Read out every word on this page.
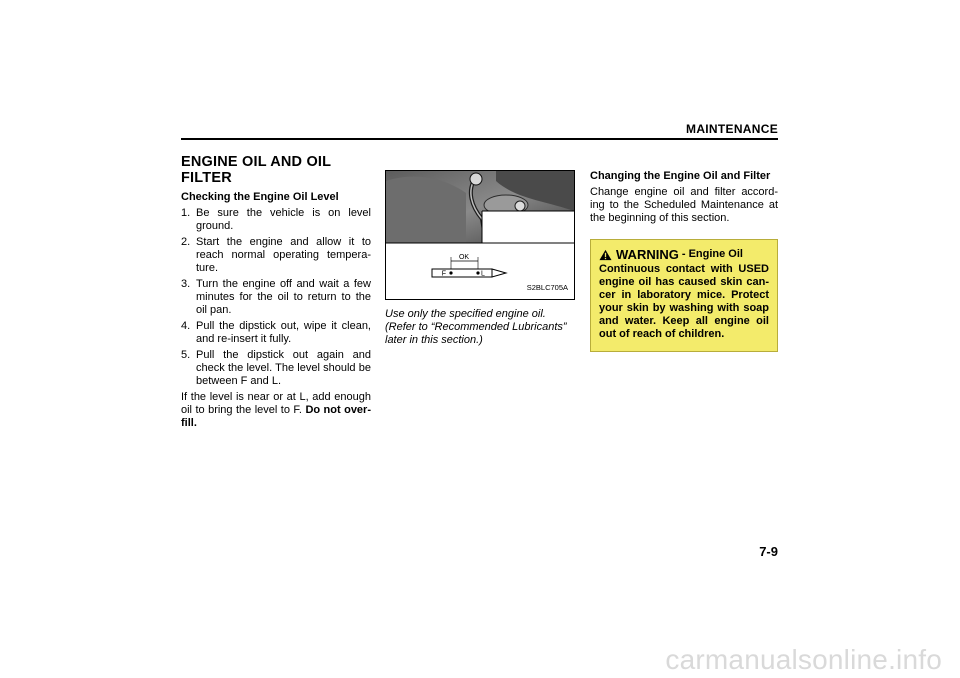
MAINTENANCE
ENGINE OIL AND OIL FILTER
Checking the Engine Oil Level
1. Be sure the vehicle is on level ground.
2. Start the engine and allow it to reach normal operating tempera-ture.
3. Turn the engine off and wait a few minutes for the oil to return to the oil pan.
4. Pull the dipstick out, wipe it clean, and re-insert it fully.
5. Pull the dipstick out again and check the level. The level should be between F and L.

If the level is near or at L, add enough oil to bring the level to F. Do not over-fill.

OK
F	L
S2BLC705A
Use only the specified engine oil. (Refer to “Recommended Lubricants” later in this section.)
Changing the Engine Oil and Filter

Change engine oil and filter accord-ing to the Scheduled Maintenance at the beginning of this section.

WARNING - Engine Oil
Continuous contact with USED engine oil has caused skin can-cer in laboratory mice. Protect your skin by washing with soap and water. Keep all engine oil out of reach of children.
7-9
carmanualsonline.info
